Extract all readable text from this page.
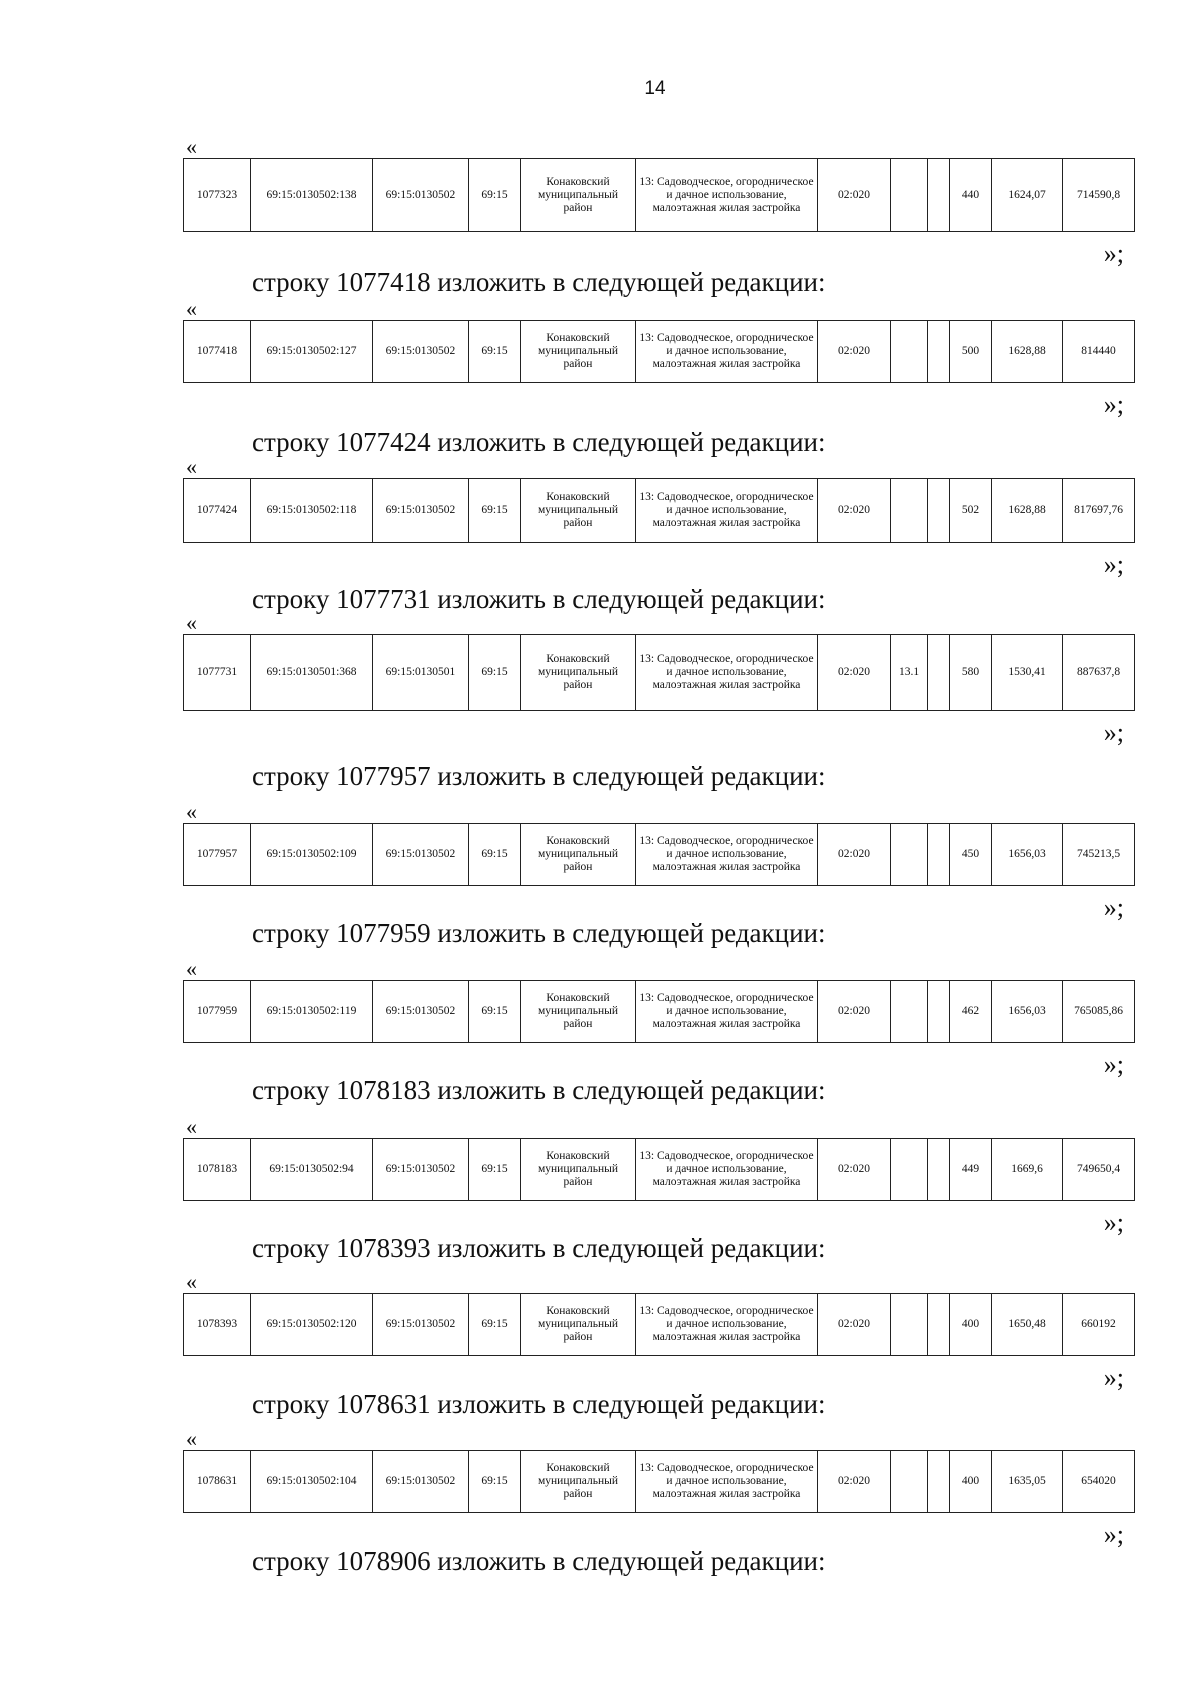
14
«
1077323	69:15:0130502:138	69:15:0130502	69:15	Конаковский муниципальный район	13: Садоводческое, огородническое и дачное использование, малоэтажная жилая застройка	02:020			440	1624,07	714590,8
»;
строку 1077418 изложить в следующей редакции:
«
1077418	69:15:0130502:127	69:15:0130502	69:15	Конаковский муниципальный район	13: Садоводческое, огородническое и дачное использование, малоэтажная жилая застройка	02:020			500	1628,88	814440
»;
строку 1077424 изложить в следующей редакции:
«
1077424	69:15:0130502:118	69:15:0130502	69:15	Конаковский муниципальный район	13: Садоводческое, огородническое и дачное использование, малоэтажная жилая застройка	02:020			502	1628,88	817697,76
»;
строку 1077731 изложить в следующей редакции:
«
1077731	69:15:0130501:368	69:15:0130501	69:15	Конаковский муниципальный район	13: Садоводческое, огородническое и дачное использование, малоэтажная жилая застройка	02:020	13.1		580	1530,41	887637,8
»;
строку 1077957 изложить в следующей редакции:
«
1077957	69:15:0130502:109	69:15:0130502	69:15	Конаковский муниципальный район	13: Садоводческое, огородническое и дачное использование, малоэтажная жилая застройка	02:020			450	1656,03	745213,5
»;
строку 1077959 изложить в следующей редакции:
«
1077959	69:15:0130502:119	69:15:0130502	69:15	Конаковский муниципальный район	13: Садоводческое, огородническое и дачное использование, малоэтажная жилая застройка	02:020			462	1656,03	765085,86
»;
строку 1078183 изложить в следующей редакции:
«
1078183	69:15:0130502:94	69:15:0130502	69:15	Конаковский муниципальный район	13: Садоводческое, огородническое и дачное использование, малоэтажная жилая застройка	02:020			449	1669,6	749650,4
»;
строку 1078393 изложить в следующей редакции:
«
1078393	69:15:0130502:120	69:15:0130502	69:15	Конаковский муниципальный район	13: Садоводческое, огородническое и дачное использование, малоэтажная жилая застройка	02:020			400	1650,48	660192
»;
строку 1078631 изложить в следующей редакции:
«
1078631	69:15:0130502:104	69:15:0130502	69:15	Конаковский муниципальный район	13: Садоводческое, огородническое и дачное использование, малоэтажная жилая застройка	02:020			400	1635,05	654020
»;
строку 1078906 изложить в следующей редакции:
